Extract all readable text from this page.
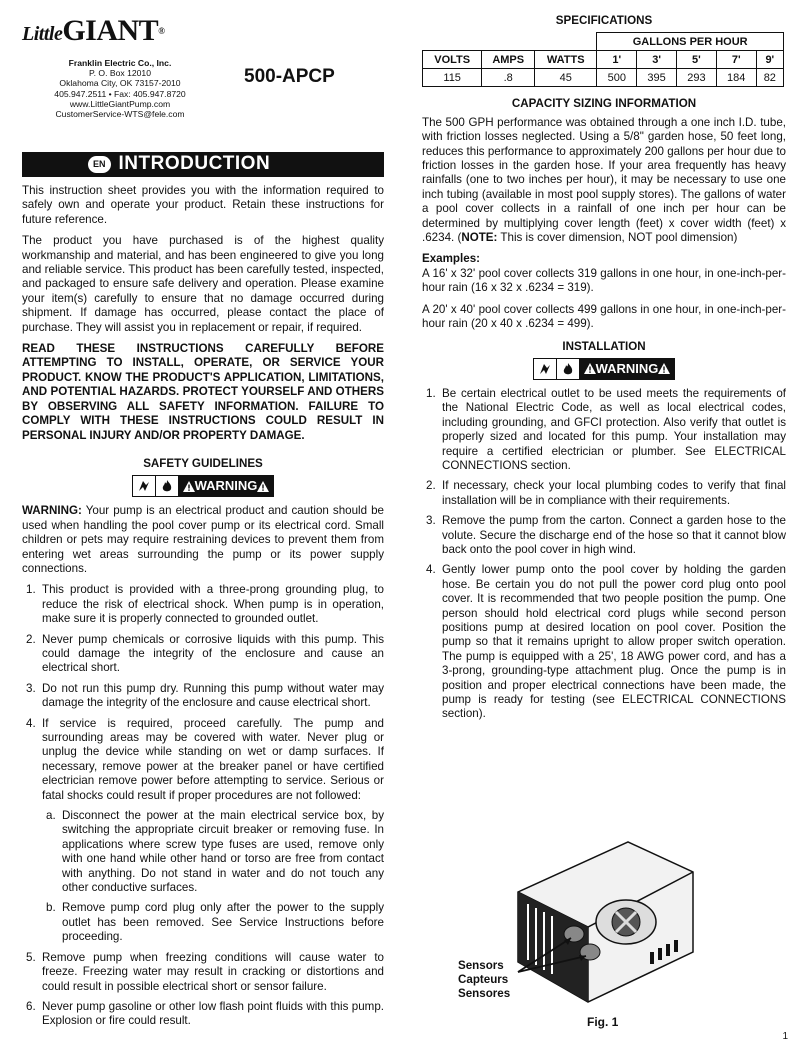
LittleGIANT®
Franklin Electric Co., Inc.
P. O. Box 12010
Oklahoma City, OK 73157-2010
405.947.2511 • Fax: 405.947.8720
www.LittleGiantPump.com
CustomerService-WTS@fele.com
500-APCP
EN INTRODUCTION

This instruction sheet provides you with the information required to safely own and operate your product. Retain these instructions for future reference.

The product you have purchased is of the highest quality workmanship and material, and has been engineered to give you long and reliable service. This product has been carefully tested, inspected, and packaged to ensure safe delivery and operation. Please examine your item(s) carefully to ensure that no damage occurred during shipment. If damage has occurred, please contact the place of purchase. They will assist you in replacement or repair, if required.

READ THESE INSTRUCTIONS CAREFULLY BEFORE ATTEMPTING TO INSTALL, OPERATE, OR SERVICE YOUR PRODUCT. KNOW THE PRODUCT'S APPLICATION, LIMITATIONS, AND POTENTIAL HAZARDS. PROTECT YOURSELF AND OTHERS BY OBSERVING ALL SAFETY INFORMATION. FAILURE TO COMPLY WITH THESE INSTRUCTIONS COULD RESULT IN PERSONAL INJURY AND/OR PROPERTY DAMAGE.

SAFETY GUIDELINES
WARNING

WARNING: Your pump is an electrical product and caution should be used when handling the pool cover pump or its electrical cord. Small children or pets may require restraining devices to prevent them from entering wet areas surrounding the pump or its power supply connections.

1. This product is provided with a three-prong grounding plug, to reduce the risk of electrical shock. When pump is in operation, make sure it is properly connected to grounded outlet.
2. Never pump chemicals or corrosive liquids with this pump. This could damage the integrity of the enclosure and cause an electrical short.
3. Do not run this pump dry. Running this pump without water may damage the integrity of the enclosure and cause electrical short.
4. If service is required, proceed carefully. The pump and surrounding areas may be covered with water. Never plug or unplug the device while standing on wet or damp surfaces. If necessary, remove power at the breaker panel or have certified electrician remove power before attempting to service. Serious or fatal shocks could result if proper procedures are not followed:
a. Disconnect the power at the main electrical service box, by switching the appropriate circuit breaker or removing fuse. In applications where screw type fuses are used, remove only with one hand while other hand or torso are free from contact with anything. Do not stand in water and do not touch any other conductive surfaces.
b. Remove pump cord plug only after the power to the supply outlet has been removed. See Service Instructions before proceeding.
5. Remove pump when freezing conditions will cause water to freeze. Freezing water may result in cracking or distortions and could result in possible electrical short or sensor failure.
6. Never pump gasoline or other low flash point fluids with this pump. Explosion or fire could result.
SPECIFICATIONS
			GALLONS PER HOUR				
VOLTS	AMPS	WATTS	1'	3'	5'	7'	9'
115	.8	45	500	395	293	184	82
CAPACITY SIZING INFORMATION

The 500 GPH performance was obtained through a one inch I.D. tube, with friction losses neglected. Using a 5/8" garden hose, 50 feet long, reduces this performance to approximately 200 gallons per hour due to friction losses in the garden hose. If your area frequently has heavy rainfalls (one to two inches per hour), it may be necessary to use one inch tubing (available in most pool supply stores). The gallons of water a pool cover collects in a rainfall of one inch per hour can be determined by multiplying cover length (feet) x cover width (feet) x .6234. (NOTE: This is cover dimension, NOT pool dimension)

Examples:

A 16' x 32' pool cover collects 319 gallons in one hour, in one-inch-per-hour rain (16 x 32 x .6234 = 319).

A 20' x 40' pool cover collects 499 gallons in one hour, in one-inch-per-hour rain (20 x 40 x .6234 = 499).

INSTALLATION
WARNING
1. Be certain electrical outlet to be used meets the requirements of the National Electric Code, as well as local electrical codes, including grounding, and GFCI protection. Also verify that outlet is properly sized and located for this pump. Your installation may require a certified electrician or plumber. See ELECTRICAL CONNECTIONS section.
2. If necessary, check your local plumbing codes to verify that final installation will be in compliance with their requirements.
3. Remove the pump from the carton. Connect a garden hose to the volute. Secure the discharge end of the hose so that it cannot blow back onto the pool cover in high wind.
4. Gently lower pump onto the pool cover by holding the garden hose. Be certain you do not pull the power cord plug onto pool cover. It is recommended that two people position the pump. One person should hold electrical cord plugs while second person positions pump at desired location on pool cover. Position the pump so that it remains upright to allow proper switch operation. The pump is equipped with a 25', 18 AWG power cord, and has a 3-prong, grounding-type attachment plug. Once the pump is in position and proper electrical connections have been made, the pump is ready for testing (see ELECTRICAL CONNECTIONS section).
Sensors
Capteurs
Sensores
Fig. 1
1
